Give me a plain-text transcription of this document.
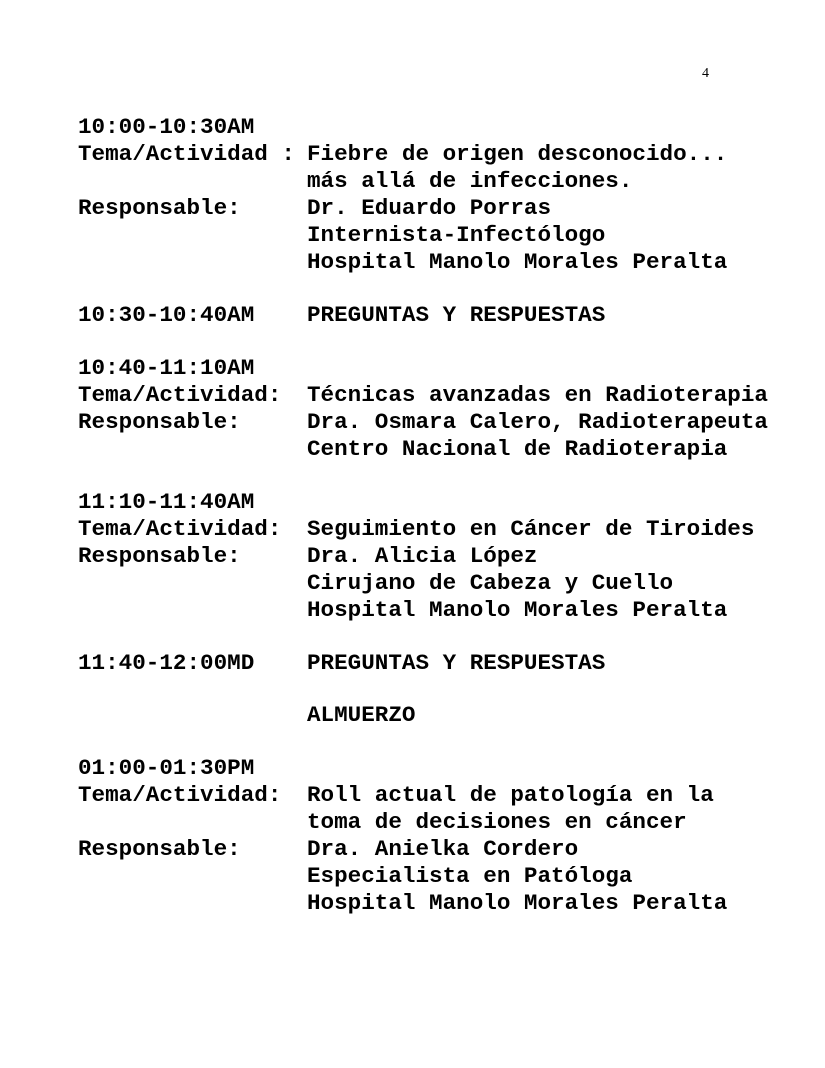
4
10:00-10:30AM
Tema/Actividad : Fiebre de origen desconocido...
más allá de infecciones.
Responsable:	Dr. Eduardo Porras
Internista-Infectólogo
Hospital Manolo Morales Peralta
10:30-10:40AM	PREGUNTAS Y RESPUESTAS
10:40-11:10AM
Tema/Actividad:	Técnicas avanzadas en Radioterapia
Responsable:	Dra. Osmara Calero, Radioterapeuta
Centro Nacional de Radioterapia
11:10-11:40AM
Tema/Actividad:	Seguimiento en Cáncer de Tiroides
Responsable:	Dra. Alicia López
Cirujano de Cabeza y Cuello
Hospital Manolo Morales Peralta
11:40-12:00MD	PREGUNTAS Y RESPUESTAS
ALMUERZO
01:00-01:30PM
Tema/Actividad:	Roll actual de patología en la
toma de decisiones en cáncer
Responsable:	Dra. Anielka Cordero
Especialista en Patóloga
Hospital Manolo Morales Peralta
